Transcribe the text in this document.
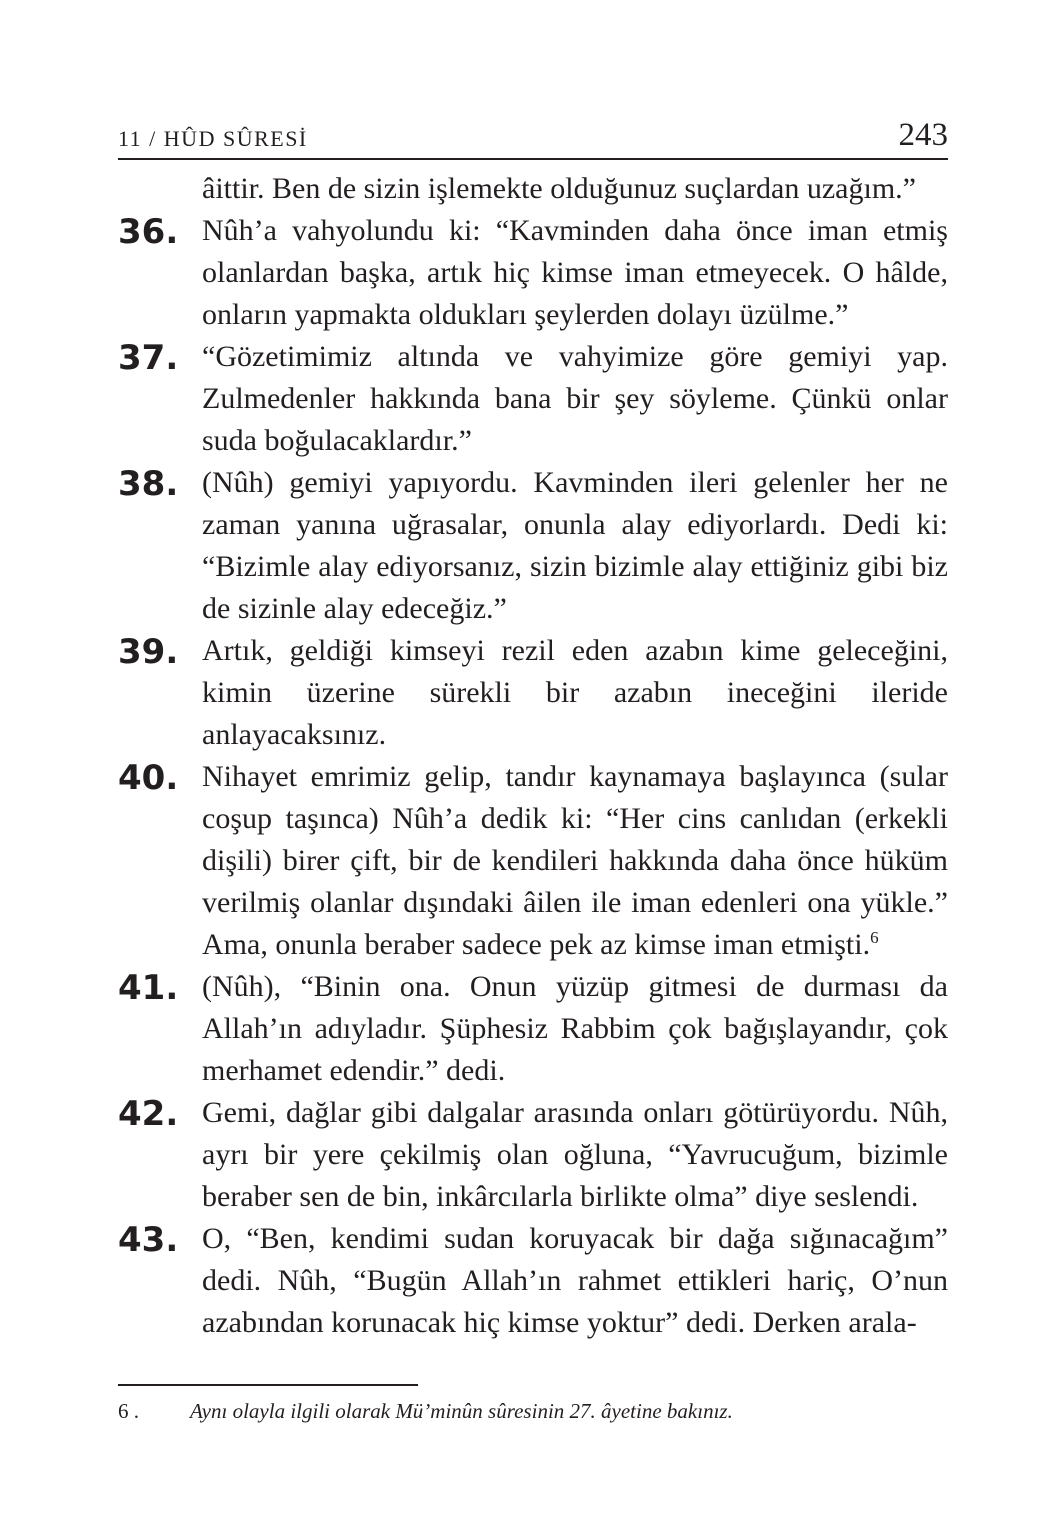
11 / HÛD SÛRESİ	243

âittir. Ben de sizin işlemekte olduğunuz suçlardan uzağım.”

36. Nûh’a vahyolundu ki: “Kavminden daha önce iman etmiş olanlardan başka, artık hiç kimse iman etmeyecek. O hâlde, onların yapmakta oldukları şeylerden dolayı üzülme.”

37. “Gözetimimiz altında ve vahyimize göre gemiyi yap. Zulmedenler hakkında bana bir şey söyleme. Çünkü onlar suda boğulacaklardır.”

38. (Nûh) gemiyi yapıyordu. Kavminden ileri gelenler her ne zaman yanına uğrasalar, onunla alay ediyorlardı. Dedi ki: “Bizimle alay ediyorsanız, sizin bizimle alay ettiğiniz gibi biz de sizinle alay edeceğiz.”

39. Artık, geldiği kimseyi rezil eden azabın kime geleceğini, kimin üzerine sürekli bir azabın ineceğini ileride anlayacaksınız.

40. Nihayet emrimiz gelip, tandır kaynamaya başlayınca (sular coşup taşınca) Nûh’a dedik ki: “Her cins canlıdan (erkekli dişili) birer çift, bir de kendileri hakkında daha önce hüküm verilmiş olanlar dışındaki âilen ile iman edenleri ona yükle.” Ama, onunla beraber sadece pek az kimse iman etmişti.$^6$

41. (Nûh), “Binin ona. Onun yüzüp gitmesi de durması da Allah’ın adıyladır. Şüphesiz Rabbim çok bağışlayandır, çok merhamet edendir.” dedi.

42. Gemi, dağlar gibi dalgalar arasında onları götürüyordu. Nûh, ayrı bir yere çekilmiş olan oğluna, “Yavrucuğum, bizimle beraber sen de bin, inkârcılarla birlikte olma” diye seslendi.

43. O, “Ben, kendimi sudan koruyacak bir dağa sığınacağım” dedi. Nûh, “Bugün Allah’ın rahmet ettikleri hariç, O’nun azabından korunacak hiç kimse yoktur” dedi. Derken arala-

6 . Aynı olayla ilgili olarak Mü’minûn sûresinin 27. âyetine bakınız.
